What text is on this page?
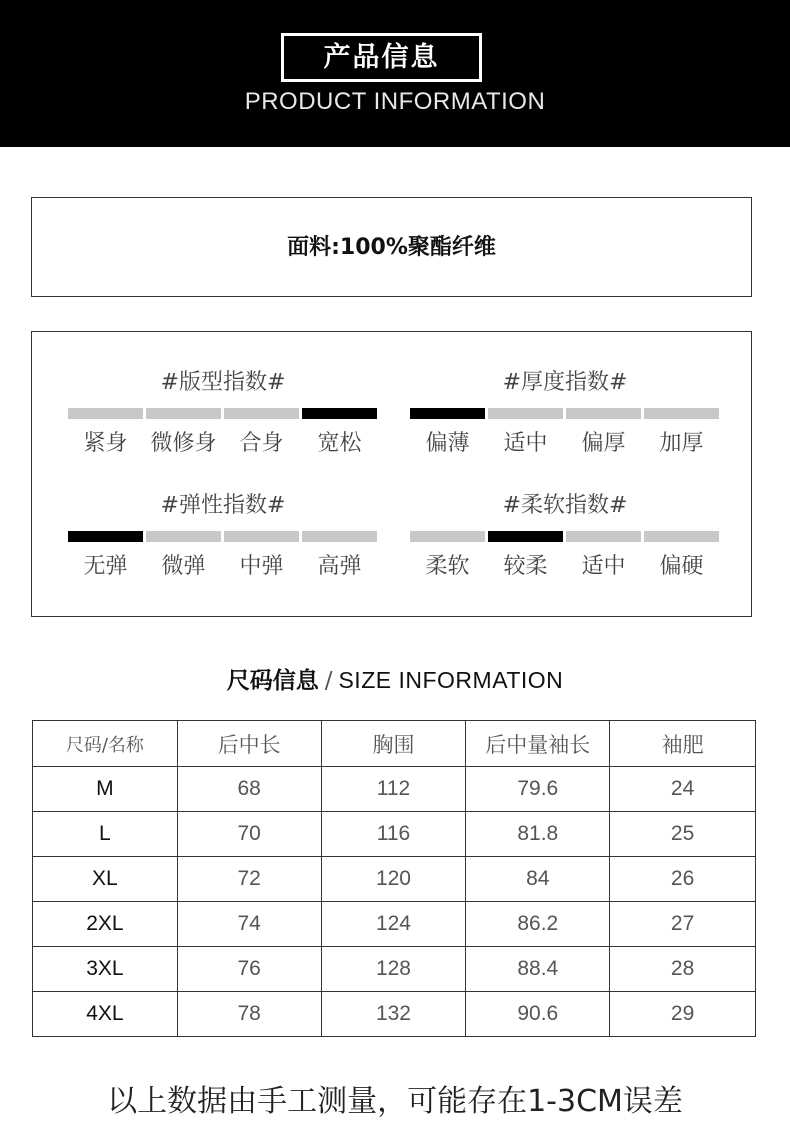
产品信息
PRODUCT INFORMATION
面料:100%聚酯纤维
#版型指数#
紧身	微修身	合身	宽松
#厚度指数#
偏薄	适中	偏厚	加厚
#弹性指数#
无弹	微弹	中弹	高弹
#柔软指数#
柔软	较柔	适中	偏硬
尺码信息 / SIZE INFORMATION
尺码/名称	后中长	胸围	后中量袖长	袖肥
M	68	112	79.6	24
L	70	116	81.8	25
XL	72	120	84	26
2XL	74	124	86.2	27
3XL	76	128	88.4	28
4XL	78	132	90.6	29
以上数据由手工测量，可能存在1-3CM误差
